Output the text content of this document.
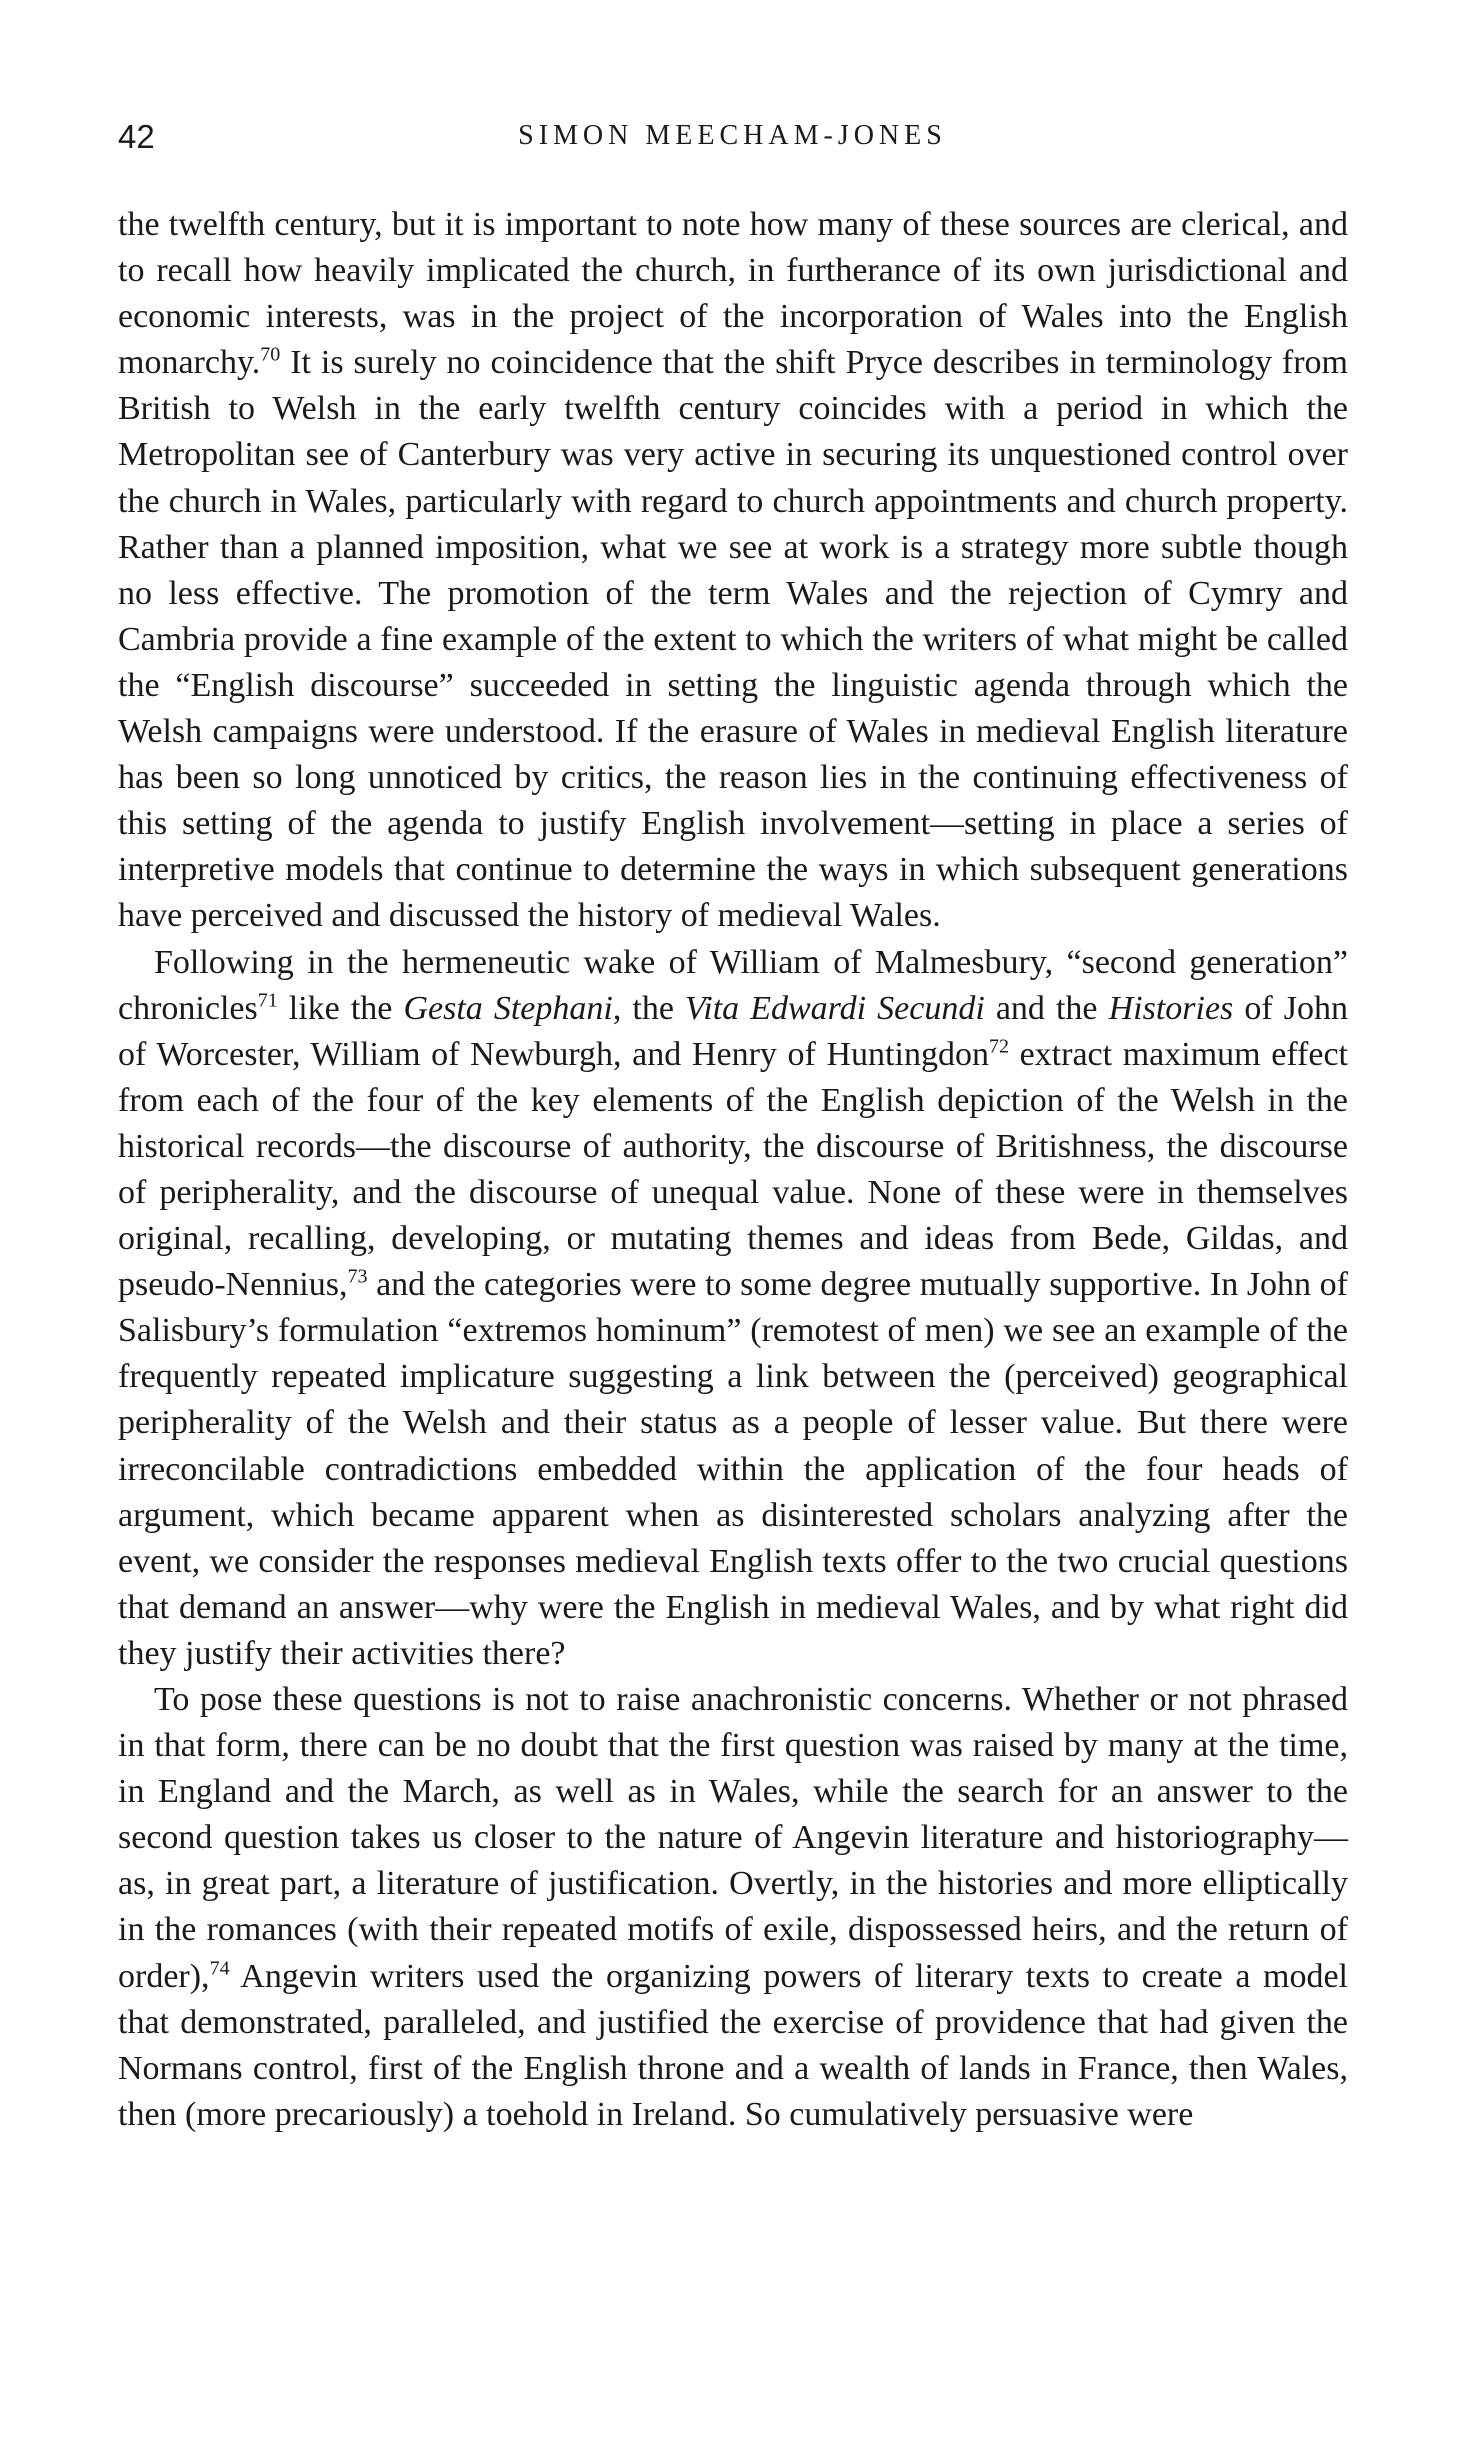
42	SIMON MEECHAM-JONES

the twelfth century, but it is important to note how many of these sources are clerical, and to recall how heavily implicated the church, in furtherance of its own jurisdictional and economic interests, was in the project of the incorporation of Wales into the English monarchy.$^{70}$ It is surely no coincidence that the shift Pryce describes in terminology from British to Welsh in the early twelfth century coincides with a period in which the Metropolitan see of Canterbury was very active in securing its unquestioned control over the church in Wales, particularly with regard to church appointments and church property. Rather than a planned imposition, what we see at work is a strategy more subtle though no less effective. The promotion of the term Wales and the rejection of Cymry and Cambria provide a fine example of the extent to which the writers of what might be called the “English discourse” succeeded in setting the linguistic agenda through which the Welsh campaigns were understood. If the erasure of Wales in medieval English literature has been so long unnoticed by critics, the reason lies in the continuing effectiveness of this setting of the agenda to justify English involvement—setting in place a series of interpretive models that continue to determine the ways in which subsequent generations have perceived and discussed the history of medieval Wales.

Following in the hermeneutic wake of William of Malmesbury, “second generation” chronicles$^{71}$ like the Gesta Stephani, the Vita Edwardi Secundi and the Histories of John of Worcester, William of Newburgh, and Henry of Huntingdon$^{72}$ extract maximum effect from each of the four of the key elements of the English depiction of the Welsh in the historical records—the discourse of authority, the discourse of Britishness, the discourse of peripherality, and the discourse of unequal value. None of these were in themselves original, recalling, developing, or mutating themes and ideas from Bede, Gildas, and pseudo-Nennius,$^{73}$ and the categories were to some degree mutually supportive. In John of Salisbury’s formulation “extremos hominum” (remotest of men) we see an example of the frequently repeated implicature suggesting a link between the (perceived) geographical peripherality of the Welsh and their status as a people of lesser value. But there were irreconcilable contradictions embedded within the application of the four heads of argument, which became apparent when as disinterested scholars analyzing after the event, we consider the responses medieval English texts offer to the two crucial questions that demand an answer—why were the English in medieval Wales, and by what right did they justify their activities there?

To pose these questions is not to raise anachronistic concerns. Whether or not phrased in that form, there can be no doubt that the first question was raised by many at the time, in England and the March, as well as in Wales, while the search for an answer to the second question takes us closer to the nature of Angevin literature and historiography—as, in great part, a literature of justification. Overtly, in the histories and more elliptically in the romances (with their repeated motifs of exile, dispossessed heirs, and the return of order),$^{74}$ Angevin writers used the organizing powers of literary texts to create a model that demonstrated, paralleled, and justified the exercise of providence that had given the Normans control, first of the English throne and a wealth of lands in France, then Wales, then (more precariously) a toehold in Ireland. So cumulatively persuasive were
